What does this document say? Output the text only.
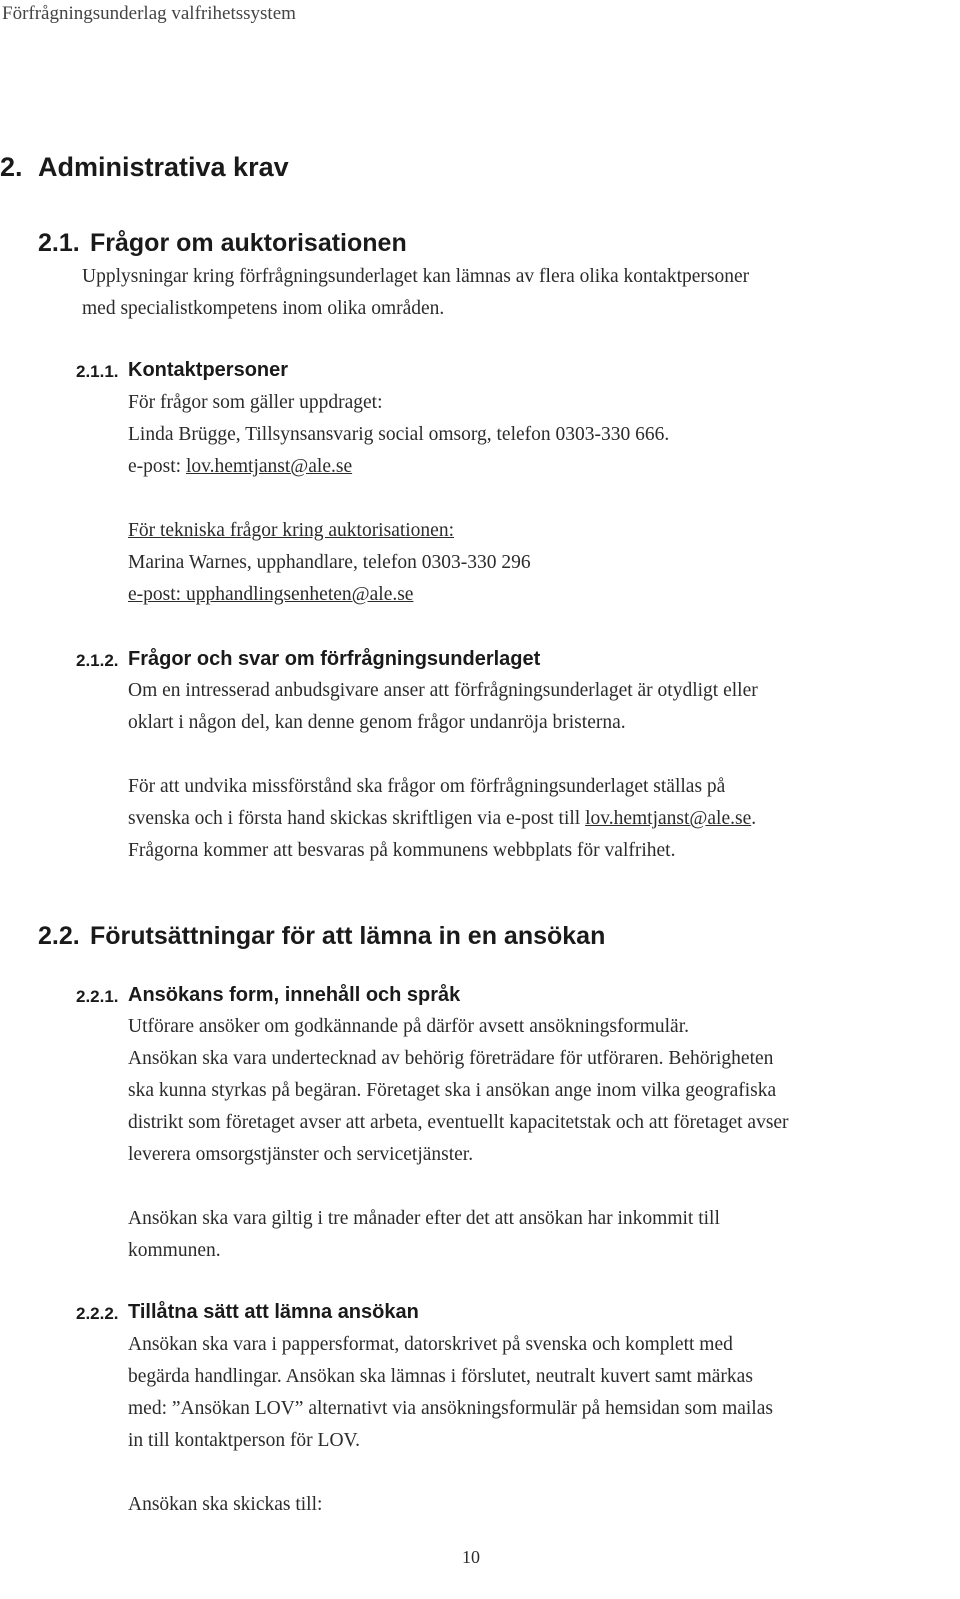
Förfrågningsunderlag valfrihetssystem
2. Administrativa krav
2.1. Frågor om auktorisationen
Upplysningar kring förfrågningsunderlaget kan lämnas av flera olika kontaktpersoner
med specialistkompetens inom olika områden.
2.1.1. Kontaktpersoner
För frågor som gäller uppdraget:
Linda Brügge, Tillsynsansvarig social omsorg, telefon 0303-330 666.
e-post: lov.hemtjanst@ale.se
För tekniska frågor kring auktorisationen:
Marina Warnes, upphandlare, telefon 0303-330 296
e-post: upphandlingsenheten@ale.se
2.1.2. Frågor och svar om förfrågningsunderlaget
Om en intresserad anbudsgivare anser att förfrågningsunderlaget är otydligt eller
oklart i någon del, kan denne genom frågor undanröja bristerna.
För att undvika missförstånd ska frågor om förfrågningsunderlaget ställas på
svenska och i första hand skickas skriftligen via e-post till lov.hemtjanst@ale.se.
Frågorna kommer att besvaras på kommunens webbplats för valfrihet.
2.2. Förutsättningar för att lämna in en ansökan
2.2.1. Ansökans form, innehåll och språk
Utförare ansöker om godkännande på därför avsett ansökningsformulär.
Ansökan ska vara undertecknad av behörig företrädare för utföraren. Behörigheten
ska kunna styrkas på begäran. Företaget ska i ansökan ange inom vilka geografiska
distrikt som företaget avser att arbeta, eventuellt kapacitetstak och att företaget avser
leverera omsorgstjänster och servicetjänster.
Ansökan ska vara giltig i tre månader efter det att ansökan har inkommit till
kommunen.
2.2.2. Tillåtna sätt att lämna ansökan
Ansökan ska vara i pappersformat, datorskrivet på svenska och komplett med
begärda handlingar. Ansökan ska lämnas i förslutet, neutralt kuvert samt märkas
med: ”Ansökan LOV” alternativt via ansökningsformulär på hemsidan som mailas
in till kontaktperson för LOV.
Ansökan ska skickas till:
10
